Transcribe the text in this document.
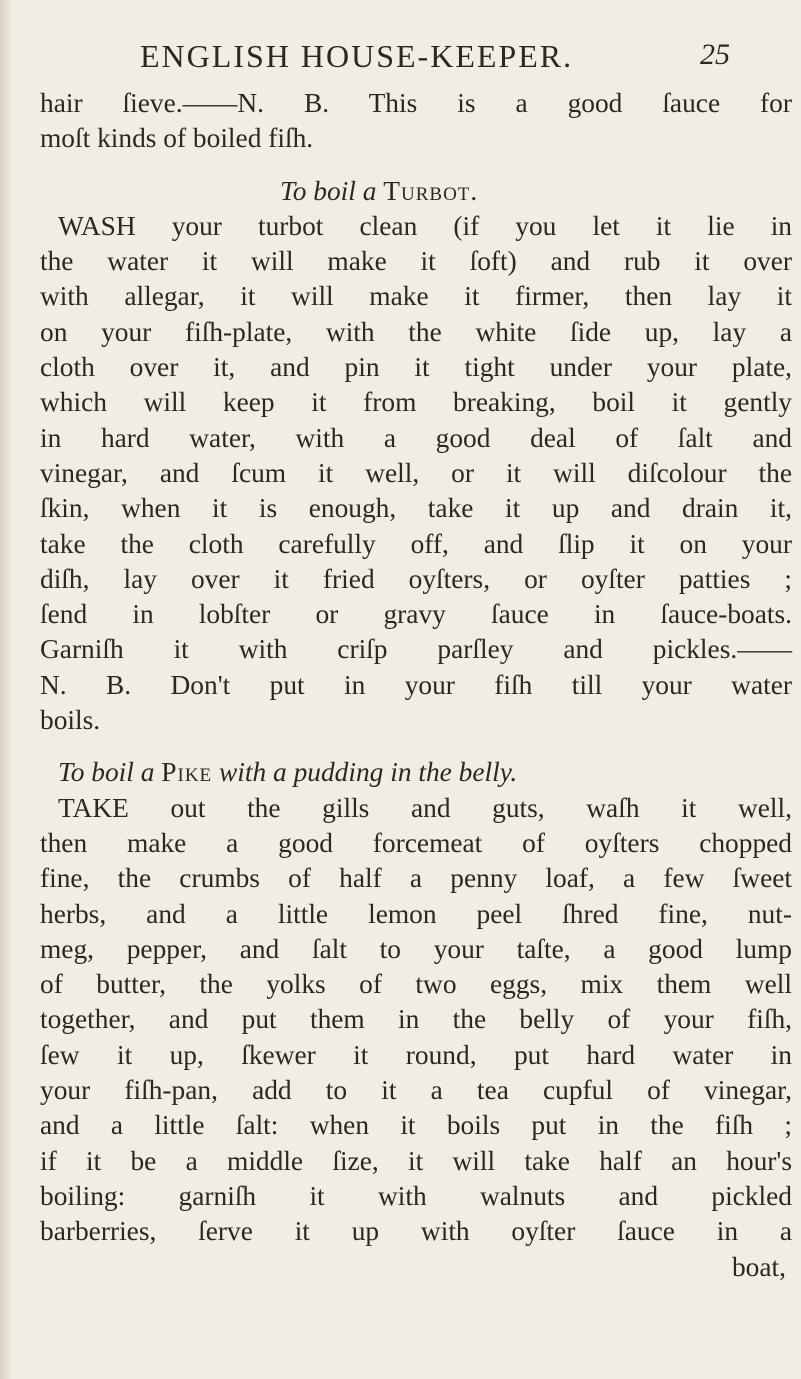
ENGLISH HOUSE-KEEPER.	25
hair ſieve.——N. B. This is a good ſauce for
moſt kinds of boiled fiſh.
To boil a Turbot.
WASH your turbot clean (if you let it lie in
the water it will make it ſoft) and rub it over
with allegar, it will make it firmer, then lay it
on your fiſh-plate, with the white ſide up, lay a
cloth over it, and pin it tight under your plate,
which will keep it from breaking, boil it gently
in hard water, with a good deal of ſalt and
vinegar, and ſcum it well, or it will diſcolour the
ſkin, when it is enough, take it up and drain it,
take the cloth carefully off, and ſlip it on your
diſh, lay over it fried oyſters, or oyſter patties ;
ſend in lobſter or gravy ſauce in ſauce-boats.
Garniſh it with criſp parſley and pickles.——
N. B. Don't put in your fiſh till your water
boils.
To boil a Pike with a pudding in the belly.
TAKE out the gills and guts, waſh it well,
then make a good forcemeat of oyſters chopped
fine, the crumbs of half a penny loaf, a few ſweet
herbs, and a little lemon peel ſhred fine, nut-
meg, pepper, and ſalt to your taſte, a good lump
of butter, the yolks of two eggs, mix them well
together, and put them in the belly of your fiſh,
ſew it up, ſkewer it round, put hard water in
your fiſh-pan, add to it a tea cupful of vinegar,
and a little ſalt: when it boils put in the fiſh ;
if it be a middle ſize, it will take half an hour's
boiling: garniſh it with walnuts and pickled
barberries, ſerve it up with oyſter ſauce in a
boat,
